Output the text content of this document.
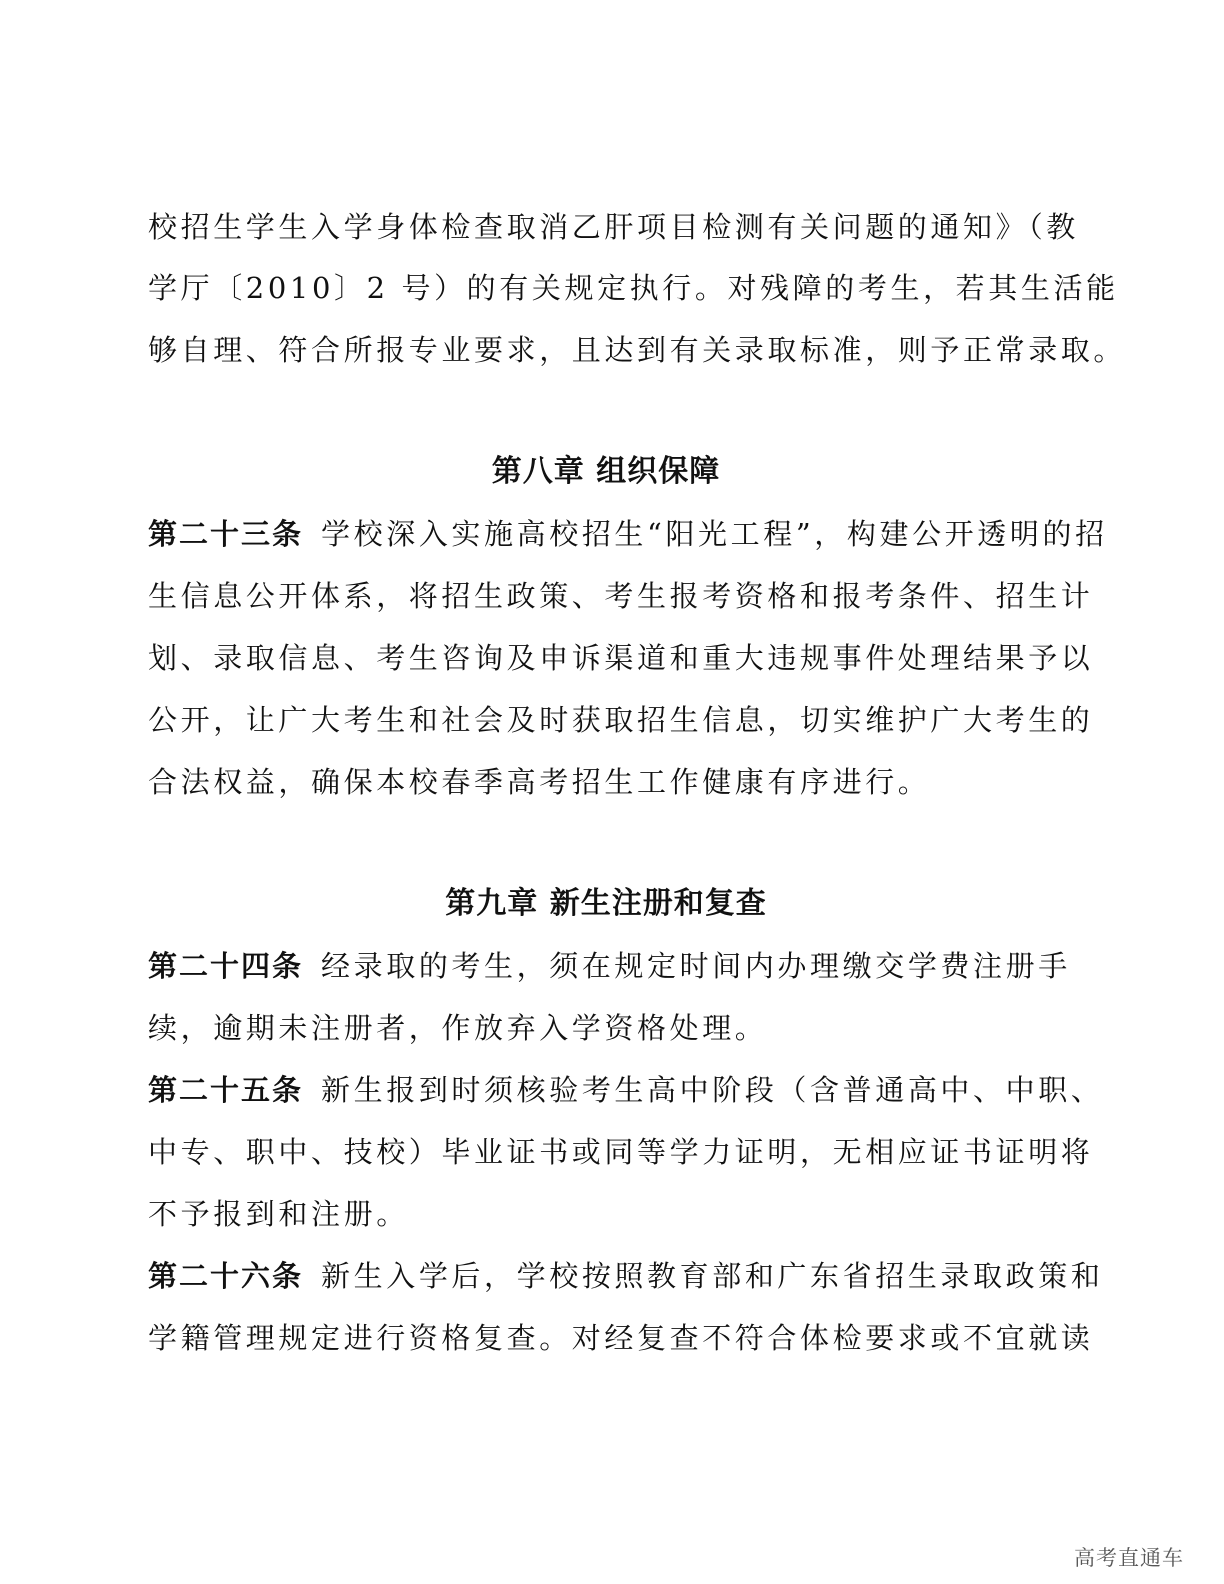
校招生学生入学身体检查取消乙肝项目检测有关问题的通知》（教
学厅〔2010〕2 号）的有关规定执行。对残障的考生，若其生活能
够自理、符合所报专业要求，且达到有关录取标准，则予正常录取。
第八章 组织保障
第二十三条 学校深入实施高校招生“阳光工程”，构建公开透明的招
生信息公开体系，将招生政策、考生报考资格和报考条件、招生计
划、录取信息、考生咨询及申诉渠道和重大违规事件处理结果予以
公开，让广大考生和社会及时获取招生信息，切实维护广大考生的
合法权益，确保本校春季高考招生工作健康有序进行。
第九章 新生注册和复查
第二十四条 经录取的考生，须在规定时间内办理缴交学费注册手
续，逾期未注册者，作放弃入学资格处理。
第二十五条 新生报到时须核验考生高中阶段（含普通高中、中职、
中专、职中、技校）毕业证书或同等学力证明，无相应证书证明将
不予报到和注册。
第二十六条 新生入学后，学校按照教育部和广东省招生录取政策和
学籍管理规定进行资格复查。对经复查不符合体检要求或不宜就读
高考直通车
